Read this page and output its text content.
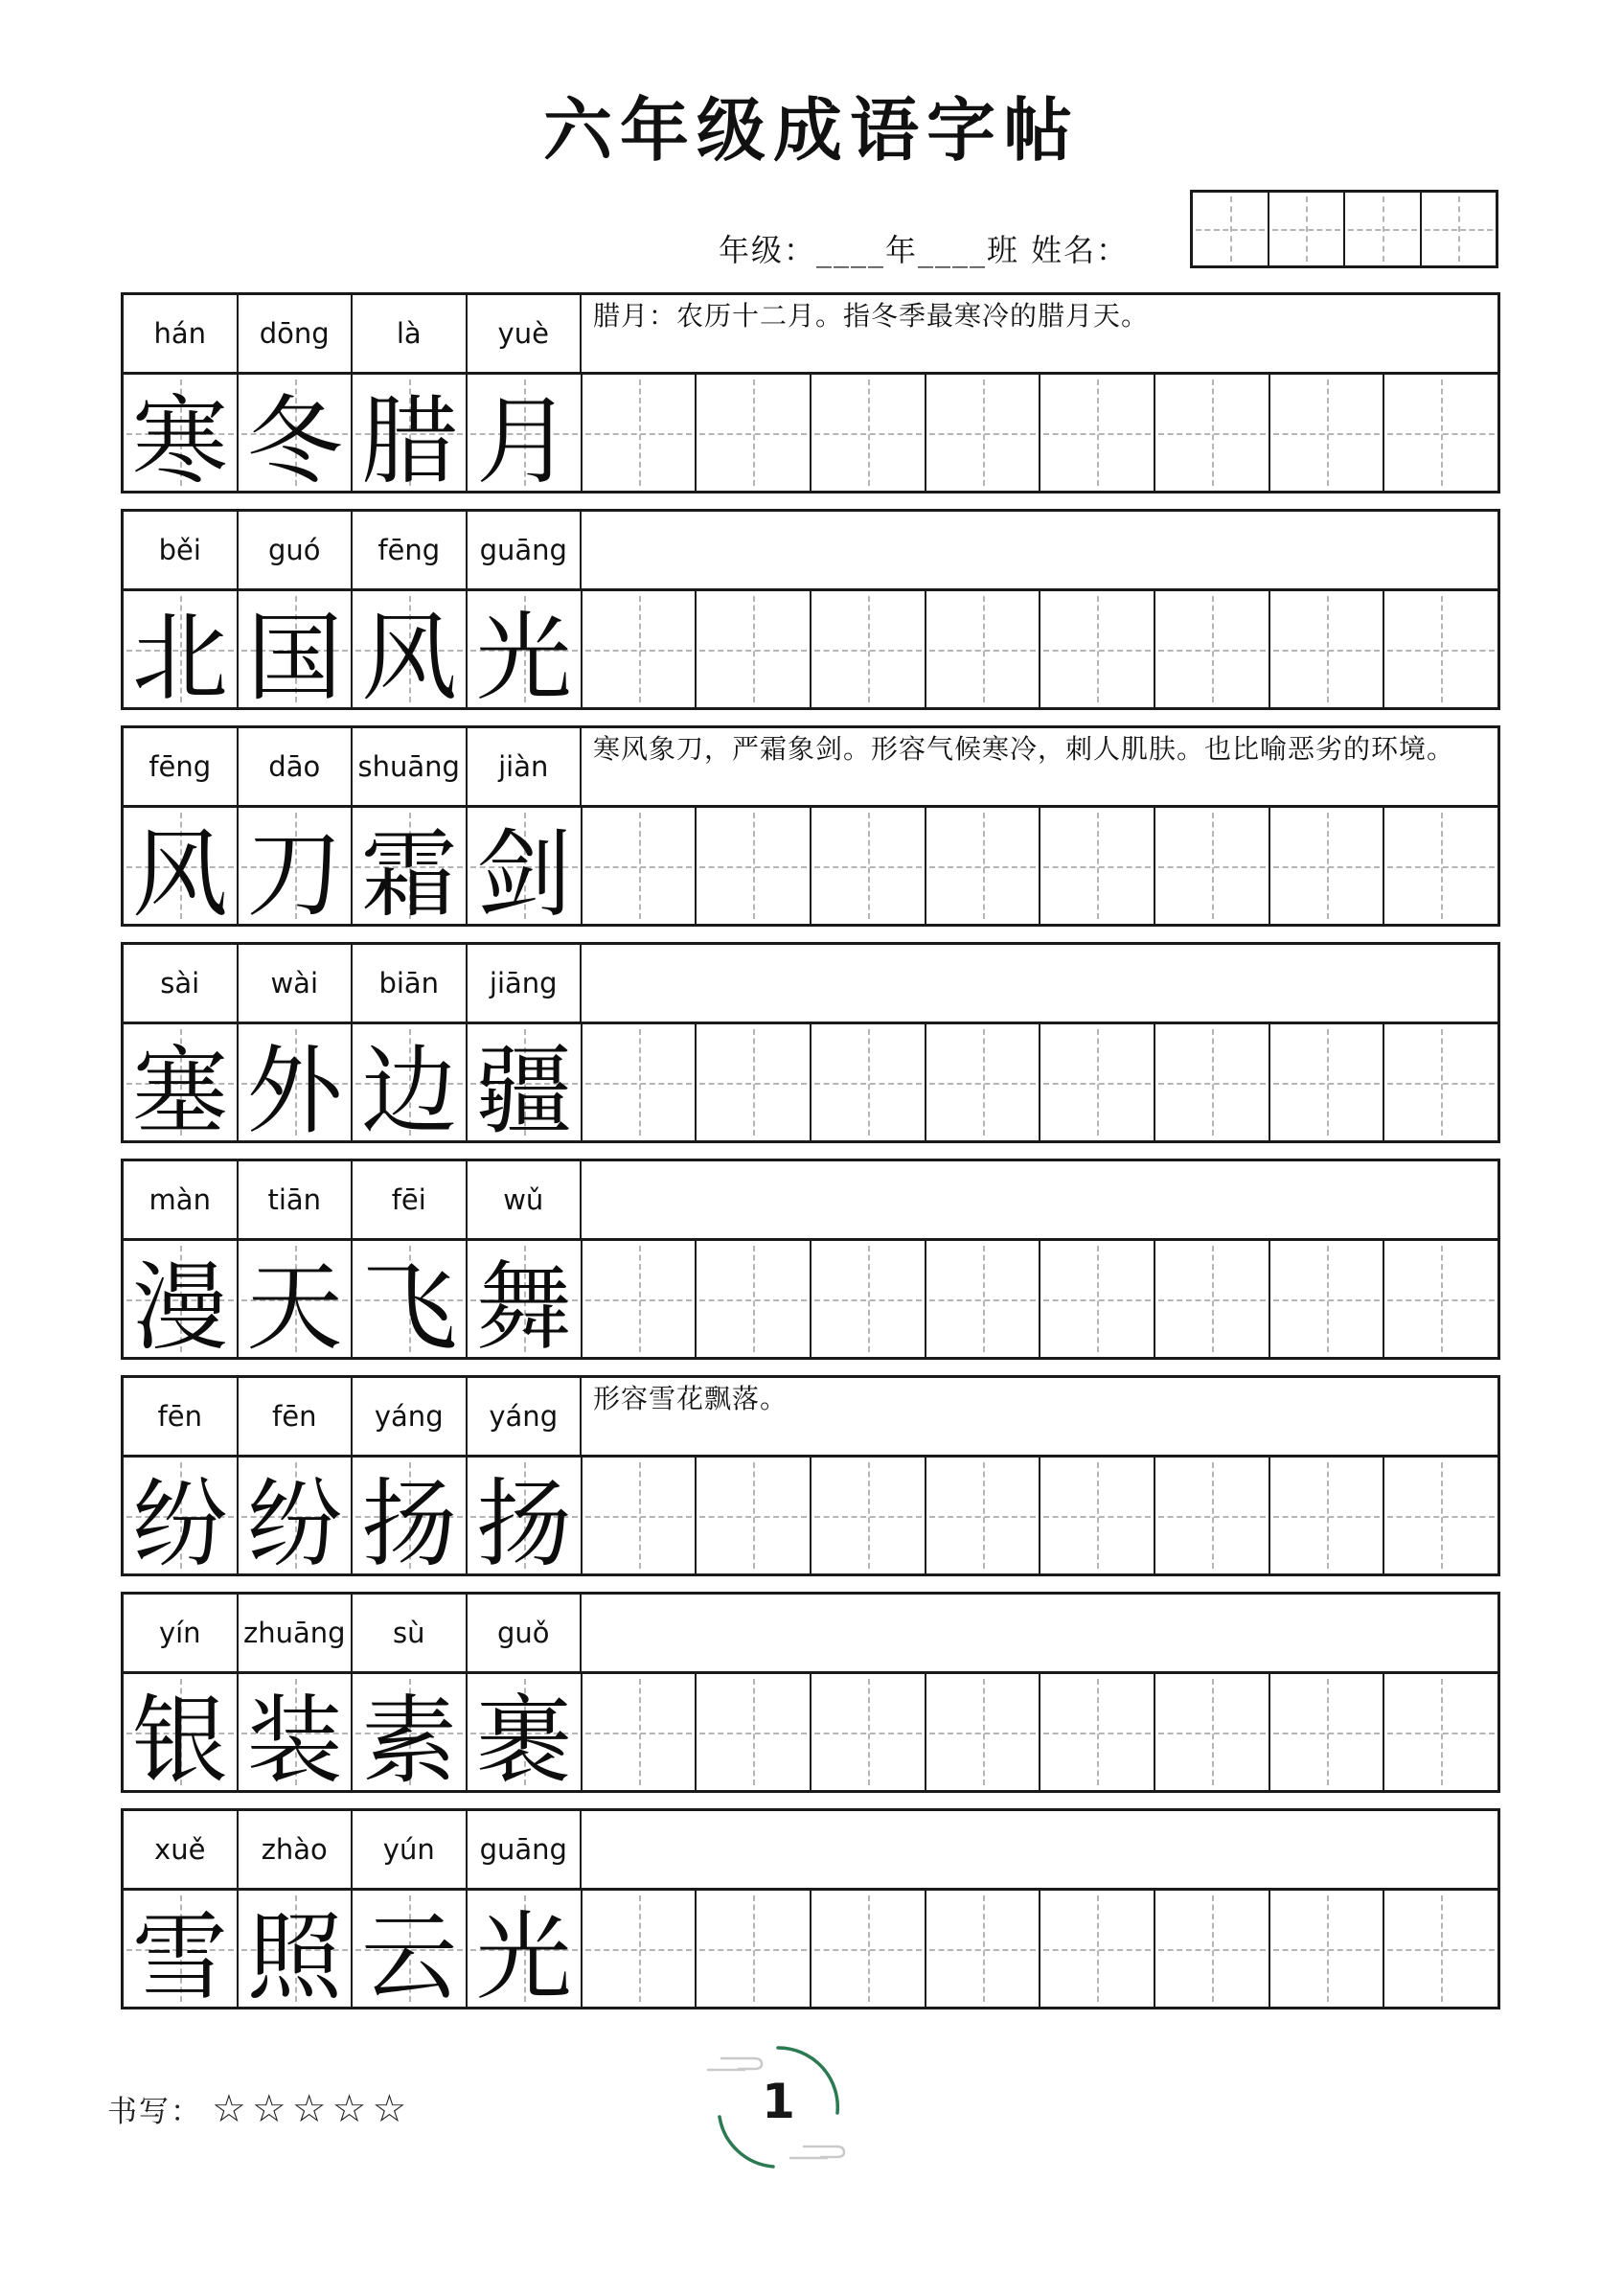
六年级成语字帖
年级：____年____班 姓名：
hán	dōng	là	yuè
腊月：农历十二月。指冬季最寒冷的腊月天。
寒 冬 腊 月
běi	guó	fēng	guāng
北 国 风 光
fēng	dāo	shuāng	jiàn
寒风象刀，严霜象剑。形容气候寒冷，刺人肌肤。也比喻恶劣的环境。
风 刀 霜 剑
sài	wài	biān	jiāng
塞 外 边 疆
màn	tiān	fēi	wǔ
漫 天 飞 舞
fēn	fēn	yáng	yáng
形容雪花飘落。
纷 纷 扬 扬
yín	zhuāng	sù	guǒ
银 装 素 裹
xuě	zhào	yún	guāng
雪 照 云 光
书写： ☆☆☆☆☆	1
